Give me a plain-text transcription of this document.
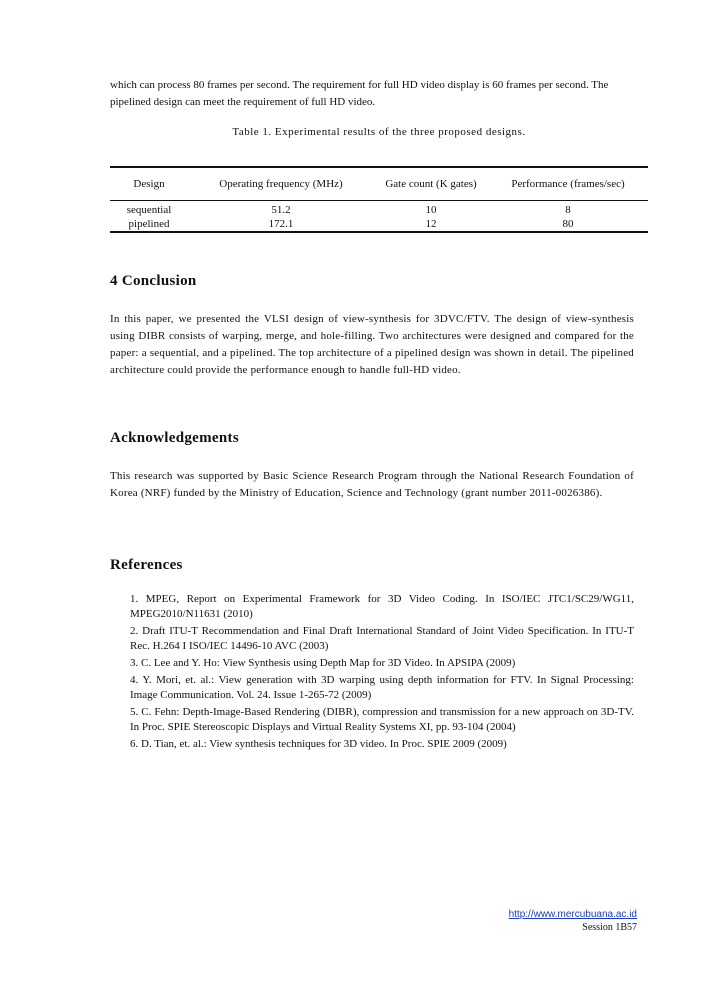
which can process 80 frames per second. The requirement for full HD video display is 60 frames per second. The pipelined design can meet the requirement of full HD video.
Table 1. Experimental results of the three proposed designs.
Design	Operating frequency (MHz)	Gate count (K gates)	Performance (frames/sec)
sequential	51.2	10	8
pipelined	172.1	12	80
4 Conclusion
In this paper, we presented the VLSI design of view-synthesis for 3DVC/FTV. The design of view-synthesis using DIBR consists of warping, merge, and hole-filling. Two architectures were designed and compared for the paper: a sequential, and a pipelined. The top architecture of a pipelined design was shown in detail. The pipelined architecture could provide the performance enough to handle full-HD video.
Acknowledgements
This research was supported by Basic Science Research Program through the National Research Foundation of Korea (NRF) funded by the Ministry of Education, Science and Technology (grant number 2011-0026386).
References
1. MPEG, Report on Experimental Framework for 3D Video Coding. In ISO/IEC JTC1/SC29/WG11, MPEG2010/N11631 (2010)
2. Draft ITU-T Recommendation and Final Draft International Standard of Joint Video Specification. In ITU-T Rec. H.264 I ISO/IEC 14496-10 AVC (2003)
3. C. Lee and Y. Ho: View Synthesis using Depth Map for 3D Video. In APSIPA (2009)
4. Y. Mori, et. al.: View generation with 3D warping using depth information for FTV. In Signal Processing: Image Communication. Vol. 24. Issue 1-265-72 (2009)
5. C. Fehn: Depth-Image-Based Rendering (DIBR), compression and transmission for a new approach on 3D-TV. In Proc. SPIE Stereoscopic Displays and Virtual Reality Systems XI, pp. 93-104 (2004)
6. D. Tian, et. al.: View synthesis techniques for 3D video. In Proc. SPIE 2009 (2009)
http://www.mercubuana.ac.id
Session 1B57
